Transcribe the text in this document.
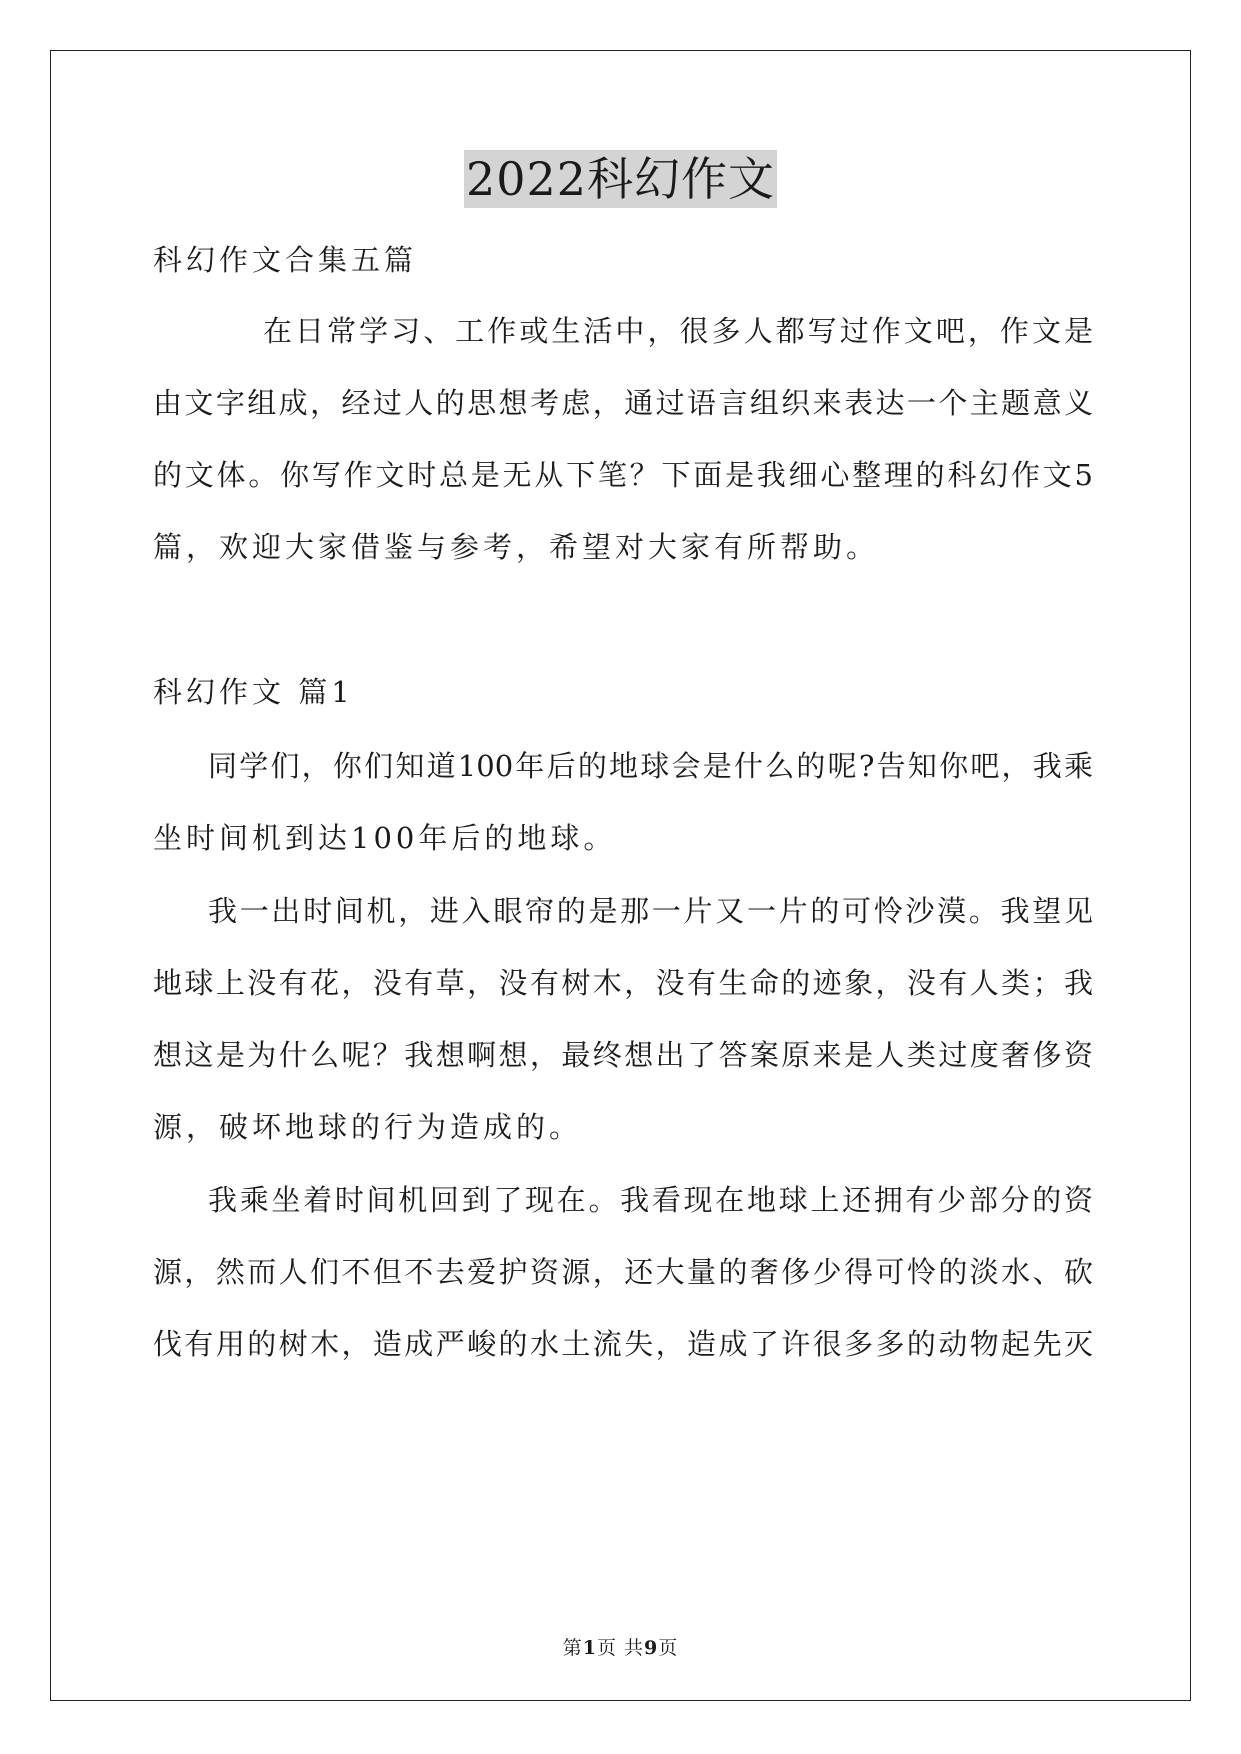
2022科幻作文
科幻作文合集五篇
在日常学习、工作或生活中，很多人都写过作文吧，作文是
由文字组成，经过人的思想考虑，通过语言组织来表达一个主题意义
的文体。你写作文时总是无从下笔？下面是我细心整理的科幻作文5
篇，欢迎大家借鉴与参考，希望对大家有所帮助。
科幻作文 篇1
同学们，你们知道100年后的地球会是什么的呢?告知你吧，我乘
坐时间机到达100年后的地球。
我一出时间机，进入眼帘的是那一片又一片的可怜沙漠。我望见
地球上没有花，没有草，没有树木，没有生命的迹象，没有人类；我
想这是为什么呢？我想啊想，最终想出了答案原来是人类过度奢侈资
源，破坏地球的行为造成的。
我乘坐着时间机回到了现在。我看现在地球上还拥有少部分的资
源，然而人们不但不去爱护资源，还大量的奢侈少得可怜的淡水、砍
伐有用的树木，造成严峻的水土流失，造成了许很多多的动物起先灭
第1页 共9页
